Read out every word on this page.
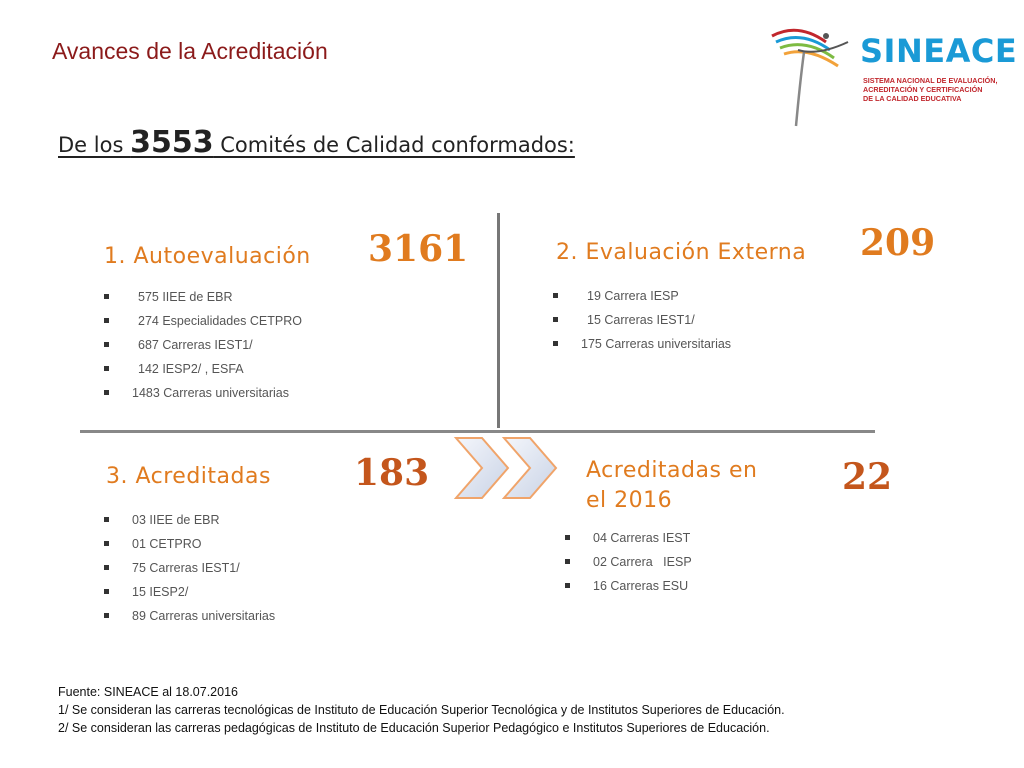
Avances de la Acreditación	SINEACE
SISTEMA NACIONAL DE EVALUACIÓN,
ACREDITACIÓN Y CERTIFICACIÓN
DE LA CALIDAD EDUCATIVA
De los 3553 Comités de Calidad conformados:
1. Autoevaluación 3161
575 IIEE de EBR
274 Especialidades CETPRO
687 Carreras IEST1/
142 IESP2/ , ESFA
1483 Carreras universitarias
2. Evaluación Externa 209
19 Carrera IESP
15 Carreras IEST1/
175 Carreras universitarias
3. Acreditadas 183
03 IIEE de EBR
01 CETPRO
75 Carreras IEST1/
15 IESP2/
89 Carreras universitarias
Acreditadas en
el 2016
22
04 Carreras IEST
02 Carrera   IESP
16 Carreras ESU
Fuente: SINEACE al 18.07.2016
1/ Se consideran las carreras tecnológicas de Instituto de Educación Superior Tecnológica y de Institutos Superiores de Educación.
2/ Se consideran las carreras pedagógicas de Instituto de Educación Superior Pedagógico e Institutos Superiores de Educación.
